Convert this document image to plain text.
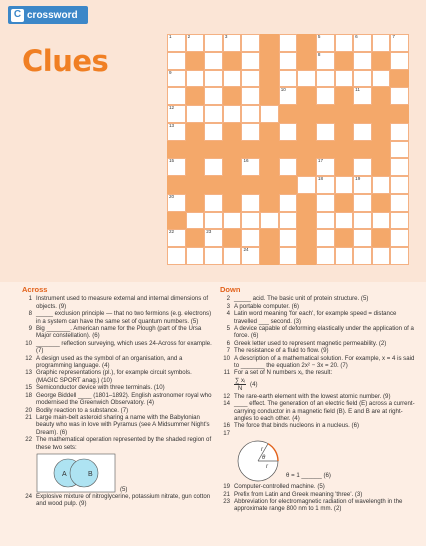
C crossword
Clues
1	2	3	5	6	7
8
9
10	11
12
13
15	16	17
18	19
20
22	23
24
Across
1 Instrument used to measure external and internal dimensions of objects. (9)
8 _____ exclusion principle — that no two fermions (e.g. electrons) in a system can have the same set of quantum numbers. (5)
9 Big _______. American name for the Plough (part of the Ursa Major constellation). (6)
10 _______ reflection surveying, which uses 24-Across for example. (7)
12 A design used as the symbol of an organisation, and a programming language. (4)
13 Graphic representations (pl.), for example circuit symbols. (MAGIC SPORT anag.) (10)
15 Semiconductor device with three terminals. (10)
18 George Biddell ____ (1801–1892). English astronomer royal who modernised the Greenwich Observatory. (4)
20 Bodily reaction to a substance. (7)
21 Large main-belt asteroid sharing a name with the Babylonian beauty who was in love with Pyramus (see A Midsummer Night's Dream). (6)
22 The mathematical operation represented by the shaded region of these two sets:
A	B
(5)
24 Explosive mixture of nitroglycerine, potassium nitrate, gun cotton and wood pulp. (9)
Down
2 _____ acid. The basic unit of protein structure. (5)
3 A portable computer. (6)
4 Latin word meaning 'for each', for example speed = distance travelled ___ second. (3)
5 A device capable of deforming elastically under the application of a force. (6)
6 Greek letter used to represent magnetic permeability. (2)
7 The resistance of a fluid to flow. (9)
10 A description of a mathematical solution. For example, x = 4 is said to _______ the equation 2x² − 3x = 20. (7)
11 For a set of N numbers xᵢ, the result:
$\frac{\text{∑ xᵢ}}{N} (4)$
12 The rare-earth element with the lowest atomic number. (9)
14 ____ effect. The generation of an electric field (E) across a current-carrying conductor in a magnetic field (B). E and B are at right-angles to each other. (4)
16 The force that binds nucleons in a nucleus. (6)
17
r
θ
r
θ = 1 ______ (6)
19 Computer-controlled machine. (5)
21 Prefix from Latin and Greek meaning 'three'. (3)
23 Abbreviation for electromagnetic radiation of wavelength in the approximate range 800 nm to 1 mm. (2)
